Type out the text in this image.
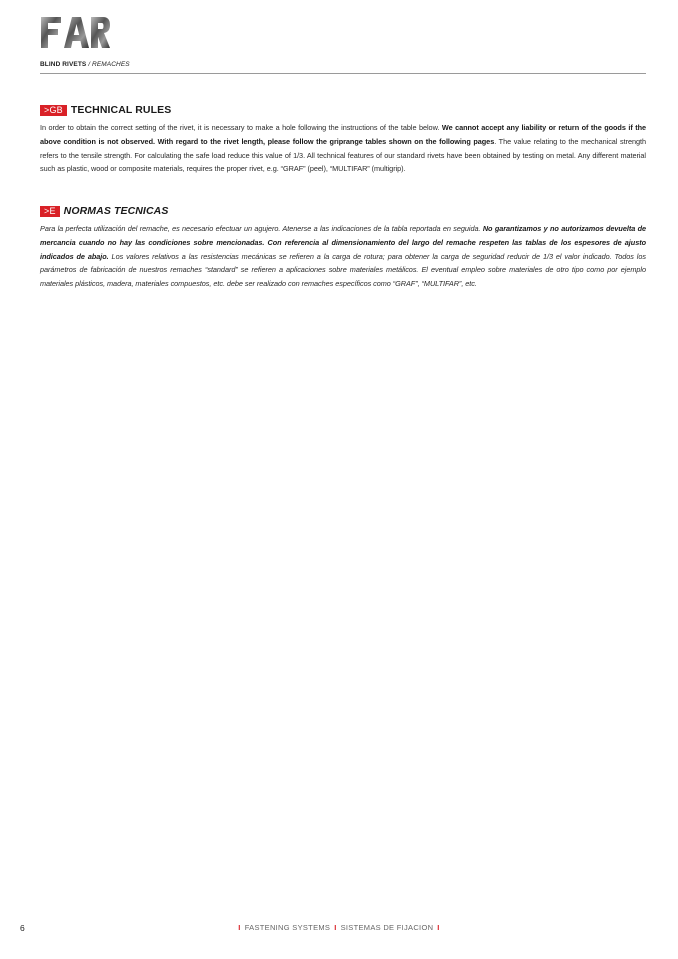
BLIND RIVETS / REMACHES
>GB TECHNICAL RULES

In order to obtain the correct setting of the rivet, it is necessary to make a hole following the instructions of the table below. We cannot accept any liability or return of the goods if the above condition is not observed. With regard to the rivet length, please follow the griprange tables shown on the following pages. The value relating to the mechanical strength refers to the tensile strength. For calculating the safe load reduce this value of 1/3. All technical features of our standard rivets have been obtained by testing on metal. Any different material such as plastic, wood or composite materials, requires the proper rivet, e.g. “GRAF” (peel), “MULTIFAR” (multigrip).

>E NORMAS TECNICAS

Para la perfecta utilización del remache, es necesario efectuar un agujero. Atenerse a las indicaciones de la tabla reportada en seguida. No garantizamos y no autorizamos devuelta de mercancia cuando no hay las condiciones sobre mencionadas. Con referencia al dimensionamiento del largo del remache respeten las tablas de los espesores de ajusto indicados de abajo. Los valores relativos a las resistencias mecánicas se refieren a la carga de rotura; para obtener la carga de seguridad reducir de 1/3 el valor indicado. Todos los parámetros de fabricación de nuestros remaches “standard” se refieren a aplicaciones sobre materiales metálicos. El eventual empleo sobre materiales de otro tipo como por ejemplo materiales plásticos, madera, materiales compuestos, etc. debe ser realizado con remaches específicos como “GRAF”, “MULTIFAR”, etc.

6	I FASTENING SYSTEMS I SISTEMAS DE FIJACION I
